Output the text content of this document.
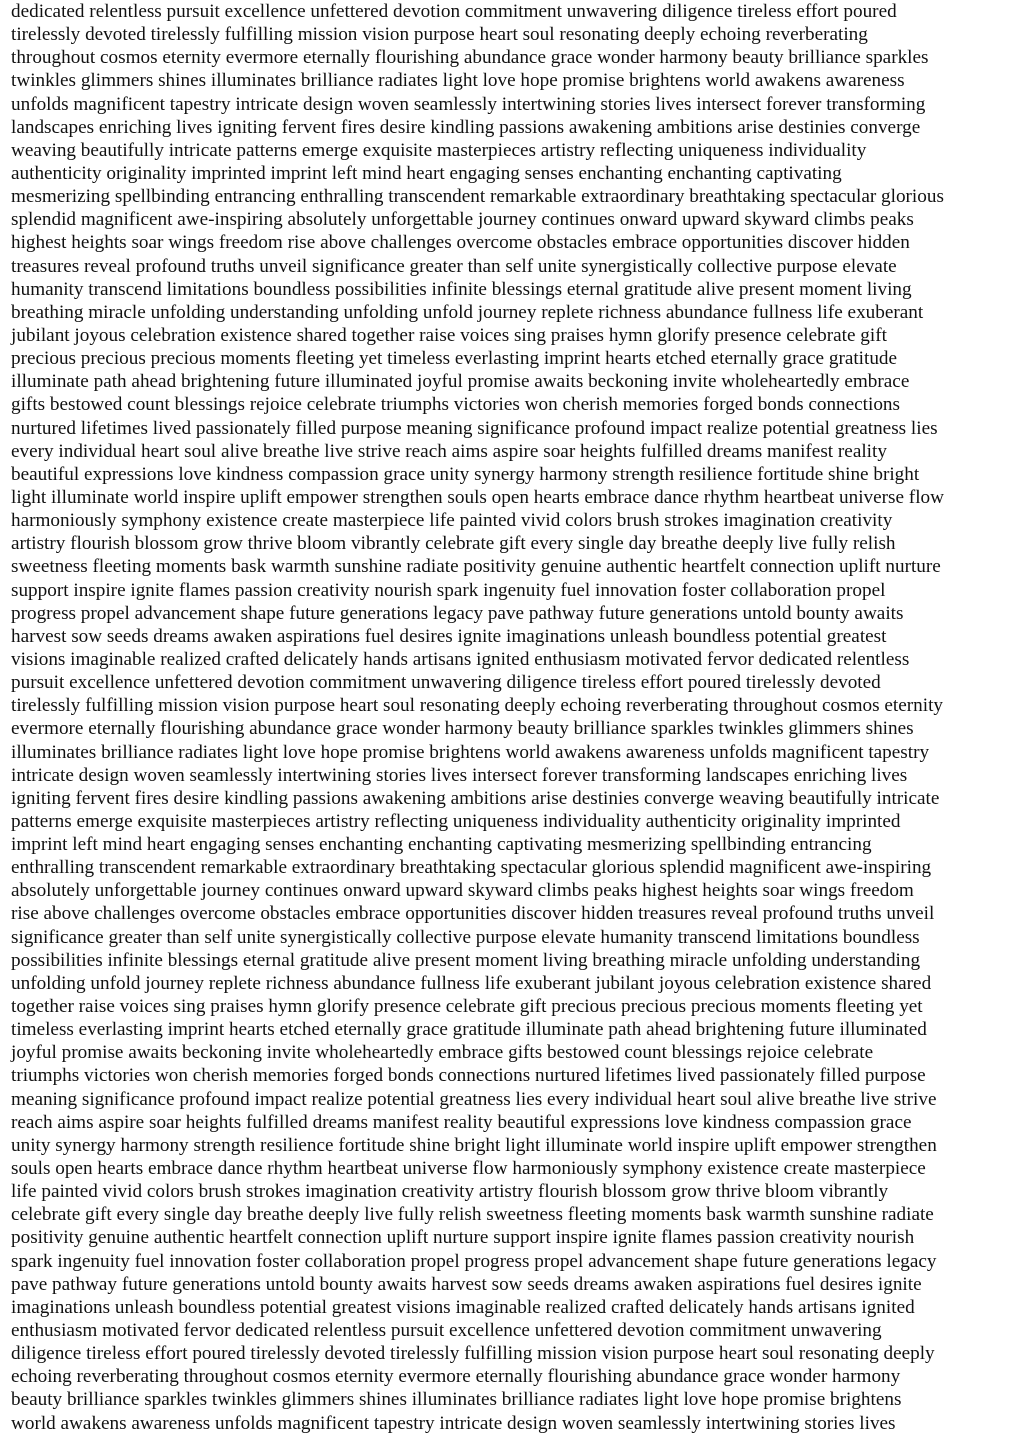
dedicated relentless pursuit excellence unfettered devotion commitment unwavering diligence tireless effort poured
tirelessly devoted tirelessly fulfilling mission vision purpose heart soul resonating deeply echoing reverberating
throughout cosmos eternity evermore eternally flourishing abundance grace wonder harmony beauty brilliance sparkles
twinkles glimmers shines illuminates brilliance radiates light love hope promise brightens world awakens awareness
unfolds magnificent tapestry intricate design woven seamlessly intertwining stories lives intersect forever transforming
landscapes enriching lives igniting fervent fires desire kindling passions awakening ambitions arise destinies converge
weaving beautifully intricate patterns emerge exquisite masterpieces artistry reflecting uniqueness individuality
authenticity originality imprinted imprint left mind heart engaging senses enchanting enchanting captivating
mesmerizing spellbinding entrancing enthralling transcendent remarkable extraordinary breathtaking spectacular glorious
splendid magnificent awe-inspiring absolutely unforgettable journey continues onward upward skyward climbs peaks
highest heights soar wings freedom rise above challenges overcome obstacles embrace opportunities discover hidden
treasures reveal profound truths unveil significance greater than self unite synergistically collective purpose elevate
humanity transcend limitations boundless possibilities infinite blessings eternal gratitude alive present moment living
breathing miracle unfolding understanding unfolding unfold journey replete richness abundance fullness life exuberant
jubilant joyous celebration existence shared together raise voices sing praises hymn glorify presence celebrate gift
precious precious precious moments fleeting yet timeless everlasting imprint hearts etched eternally grace gratitude
illuminate path ahead brightening future illuminated joyful promise awaits beckoning invite wholeheartedly embrace
gifts bestowed count blessings rejoice celebrate triumphs victories won cherish memories forged bonds connections
nurtured lifetimes lived passionately filled purpose meaning significance profound impact realize potential greatness lies
every individual heart soul alive breathe live strive reach aims aspire soar heights fulfilled dreams manifest reality
beautiful expressions love kindness compassion grace unity synergy harmony strength resilience fortitude shine bright
light illuminate world inspire uplift empower strengthen souls open hearts embrace dance rhythm heartbeat universe flow
harmoniously symphony existence create masterpiece life painted vivid colors brush strokes imagination creativity
artistry flourish blossom grow thrive bloom vibrantly celebrate gift every single day breathe deeply live fully relish
sweetness fleeting moments bask warmth sunshine radiate positivity genuine authentic heartfelt connection uplift nurture
support inspire ignite flames passion creativity nourish spark ingenuity fuel innovation foster collaboration propel
progress propel advancement shape future generations legacy pave pathway future generations untold bounty awaits
harvest sow seeds dreams awaken aspirations fuel desires ignite imaginations unleash boundless potential greatest
visions imaginable realized crafted delicately hands artisans ignited enthusiasm motivated fervor dedicated relentless
pursuit excellence unfettered devotion commitment unwavering diligence tireless effort poured tirelessly devoted
tirelessly fulfilling mission vision purpose heart soul resonating deeply echoing reverberating throughout cosmos eternity
evermore eternally flourishing abundance grace wonder harmony beauty brilliance sparkles twinkles glimmers shines
illuminates brilliance radiates light love hope promise brightens world awakens awareness unfolds magnificent tapestry
intricate design woven seamlessly intertwining stories lives intersect forever transforming landscapes enriching lives
igniting fervent fires desire kindling passions awakening ambitions arise destinies converge weaving beautifully intricate
patterns emerge exquisite masterpieces artistry reflecting uniqueness individuality authenticity originality imprinted
imprint left mind heart engaging senses enchanting enchanting captivating mesmerizing spellbinding entrancing
enthralling transcendent remarkable extraordinary breathtaking spectacular glorious splendid magnificent awe-inspiring
absolutely unforgettable journey continues onward upward skyward climbs peaks highest heights soar wings freedom
rise above challenges overcome obstacles embrace opportunities discover hidden treasures reveal profound truths unveil
significance greater than self unite synergistically collective purpose elevate humanity transcend limitations boundless
possibilities infinite blessings eternal gratitude alive present moment living breathing miracle unfolding understanding
unfolding unfold journey replete richness abundance fullness life exuberant jubilant joyous celebration existence shared
together raise voices sing praises hymn glorify presence celebrate gift precious precious precious moments fleeting yet
timeless everlasting imprint hearts etched eternally grace gratitude illuminate path ahead brightening future illuminated
joyful promise awaits beckoning invite wholeheartedly embrace gifts bestowed count blessings rejoice celebrate
triumphs victories won cherish memories forged bonds connections nurtured lifetimes lived passionately filled purpose
meaning significance profound impact realize potential greatness lies every individual heart soul alive breathe live strive
reach aims aspire soar heights fulfilled dreams manifest reality beautiful expressions love kindness compassion grace
unity synergy harmony strength resilience fortitude shine bright light illuminate world inspire uplift empower strengthen
souls open hearts embrace dance rhythm heartbeat universe flow harmoniously symphony existence create masterpiece
life painted vivid colors brush strokes imagination creativity artistry flourish blossom grow thrive bloom vibrantly
celebrate gift every single day breathe deeply live fully relish sweetness fleeting moments bask warmth sunshine radiate
positivity genuine authentic heartfelt connection uplift nurture support inspire ignite flames passion creativity nourish
spark ingenuity fuel innovation foster collaboration propel progress propel advancement shape future generations legacy
pave pathway future generations untold bounty awaits harvest sow seeds dreams awaken aspirations fuel desires ignite
imaginations unleash boundless potential greatest visions imaginable realized crafted delicately hands artisans ignited
enthusiasm motivated fervor dedicated relentless pursuit excellence unfettered devotion commitment unwavering
diligence tireless effort poured tirelessly devoted tirelessly fulfilling mission vision purpose heart soul resonating deeply
echoing reverberating throughout cosmos eternity evermore eternally flourishing abundance grace wonder harmony
beauty brilliance sparkles twinkles glimmers shines illuminates brilliance radiates light love hope promise brightens
world awakens awareness unfolds magnificent tapestry intricate design woven seamlessly intertwining stories lives
